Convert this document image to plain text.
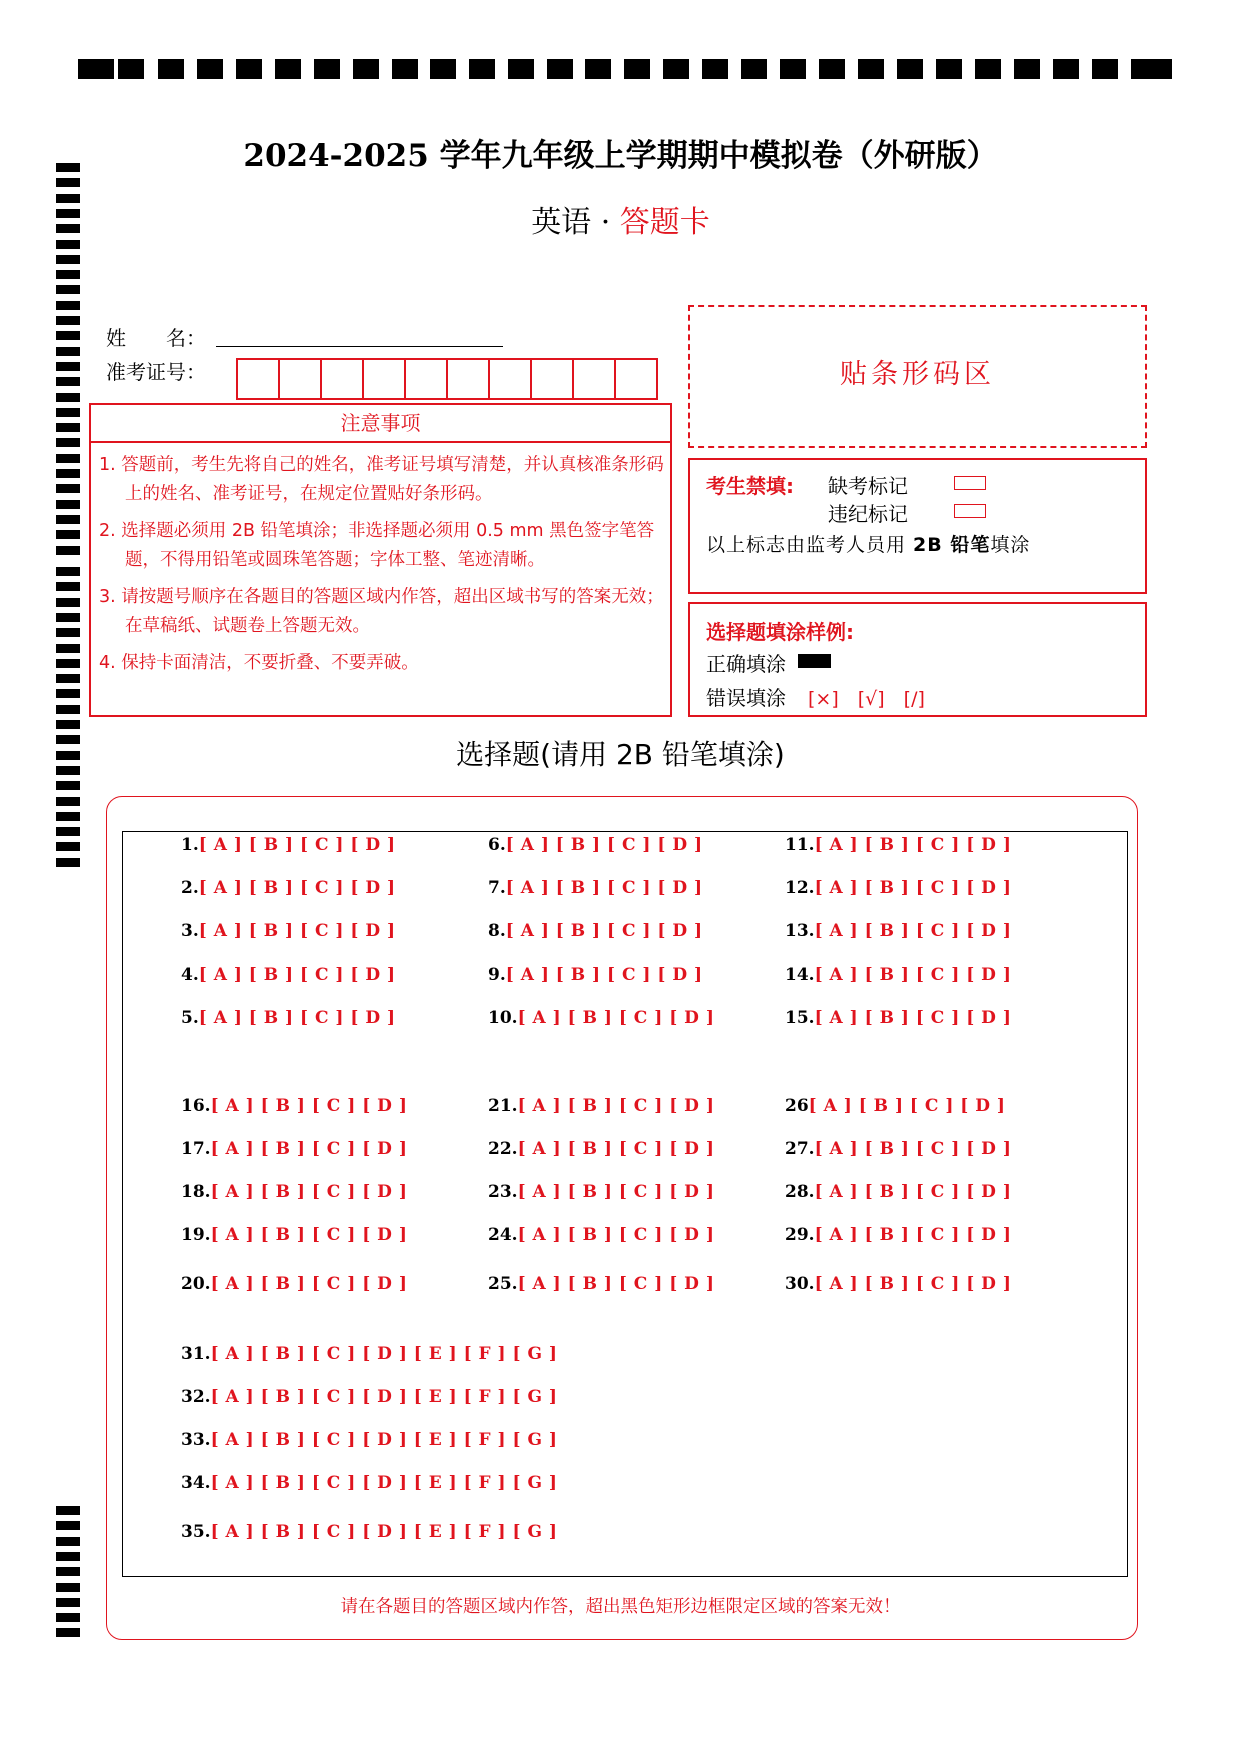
2024-2025 学年九年级上学期期中模拟卷（外研版）
英语 · 答题卡
姓　　名：
准考证号：
注意事项

1. 答题前，考生先将自己的姓名，准考证号填写清楚，并认真核准条形码上的姓名、准考证号，在规定位置贴好条形码。

2. 选择题必须用 2B 铅笔填涂；非选择题必须用 0.5 mm 黑色签字笔答题，不得用铅笔或圆珠笔答题；字体工整、笔迹清晰。

3. 请按题号顺序在各题目的答题区域内作答，超出区域书写的答案无效；在草稿纸、试题卷上答题无效。

4. 保持卡面清洁，不要折叠、不要弄破。

贴条形码区
考生禁填: 缺考标记
违纪标记
以上标志由监考人员用 2B 铅笔填涂
选择题填涂样例:
正确填涂
错误填涂 [×]　[√]　[/]
选择题(请用 2B 铅笔填涂)
1.[ A ] [ B ] [ C ] [ D ]
2.[ A ] [ B ] [ C ] [ D ]
3.[ A ] [ B ] [ C ] [ D ]
4.[ A ] [ B ] [ C ] [ D ]
5.[ A ] [ B ] [ C ] [ D ]
6.[ A ] [ B ] [ C ] [ D ]
7.[ A ] [ B ] [ C ] [ D ]
8.[ A ] [ B ] [ C ] [ D ]
9.[ A ] [ B ] [ C ] [ D ]
10.[ A ] [ B ] [ C ] [ D ]
11.[ A ] [ B ] [ C ] [ D ]
12.[ A ] [ B ] [ C ] [ D ]
13.[ A ] [ B ] [ C ] [ D ]
14.[ A ] [ B ] [ C ] [ D ]
15.[ A ] [ B ] [ C ] [ D ]
16.[ A ] [ B ] [ C ] [ D ]
17.[ A ] [ B ] [ C ] [ D ]
18.[ A ] [ B ] [ C ] [ D ]
19.[ A ] [ B ] [ C ] [ D ]
20.[ A ] [ B ] [ C ] [ D ]
21.[ A ] [ B ] [ C ] [ D ]
22.[ A ] [ B ] [ C ] [ D ]
23.[ A ] [ B ] [ C ] [ D ]
24.[ A ] [ B ] [ C ] [ D ]
25.[ A ] [ B ] [ C ] [ D ]
26[ A ] [ B ] [ C ] [ D ]
27.[ A ] [ B ] [ C ] [ D ]
28.[ A ] [ B ] [ C ] [ D ]
29.[ A ] [ B ] [ C ] [ D ]
30.[ A ] [ B ] [ C ] [ D ]
31.[ A ] [ B ] [ C ] [ D ] [ E ] [ F ] [ G ]
32.[ A ] [ B ] [ C ] [ D ] [ E ] [ F ] [ G ]
33.[ A ] [ B ] [ C ] [ D ] [ E ] [ F ] [ G ]
34.[ A ] [ B ] [ C ] [ D ] [ E ] [ F ] [ G ]
35.[ A ] [ B ] [ C ] [ D ] [ E ] [ F ] [ G ]
请在各题目的答题区域内作答，超出黑色矩形边框限定区域的答案无效！
